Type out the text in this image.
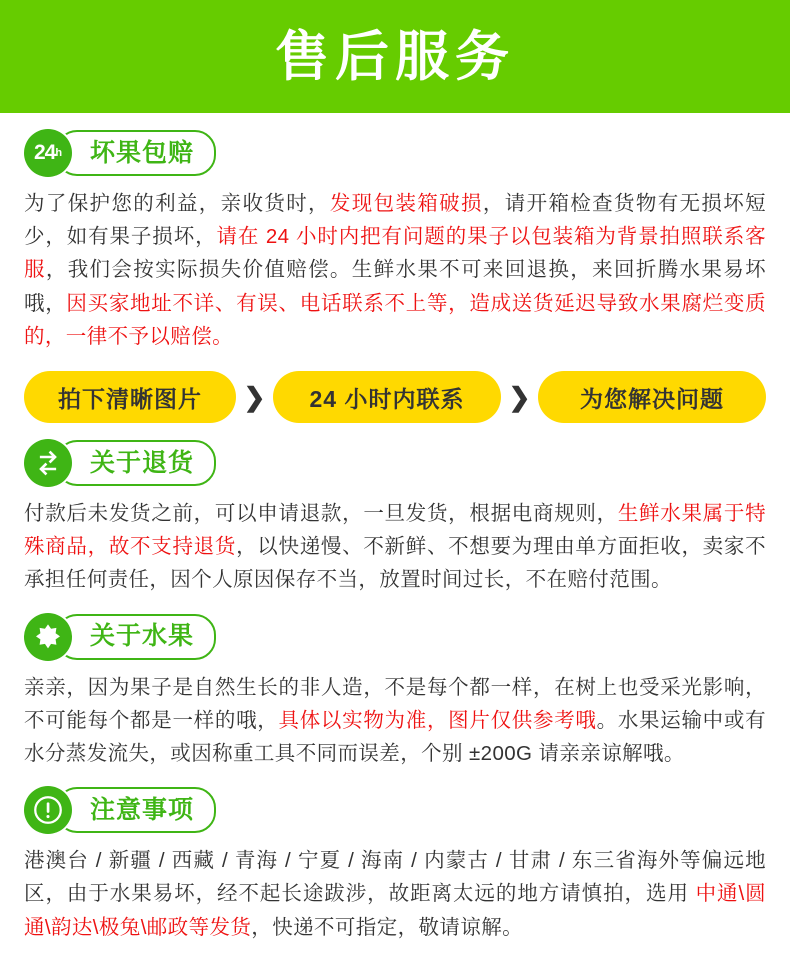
售后服务
24 h 坏果包赔

为了保护您的利益，亲收货时，发现包装箱破损，请开箱检查货物有无损坏短少，如有果子损坏，请在 24 小时内把有问题的果子以包装箱为背景拍照联系客服，我们会按实际损失价值赔偿。生鲜水果不可来回退换，来回折腾水果易坏哦，因买家地址不详、有误、电话联系不上等，造成送货延迟导致水果腐烂变质的，一律不予以赔偿。

拍下清晰图片 ❯ 24 小时内联系 ❯ 为您解决问题
关于退货

付款后未发货之前，可以申请退款，一旦发货，根据电商规则，生鲜水果属于特殊商品，故不支持退货，以快递慢、不新鲜、不想要为理由单方面拒收，卖家不承担任何责任，因个人原因保存不当，放置时间过长，不在赔付范围。

关于水果

亲亲，因为果子是自然生长的非人造，不是每个都一样，在树上也受采光影响，不可能每个都是一样的哦，具体以实物为准，图片仅供参考哦。水果运输中或有水分蒸发流失，或因称重工具不同而误差，个别 ±200G 请亲亲谅解哦。

注意事项

港澳台 / 新疆 / 西藏 / 青海 / 宁夏 / 海南 / 内蒙古 / 甘肃 / 东三省海外等偏远地区，由于水果易坏，经不起长途跋涉，故距离太远的地方请慎拍，选用 中通\圆通\韵达\极兔\邮政等发货，快递不可指定，敬请谅解。
